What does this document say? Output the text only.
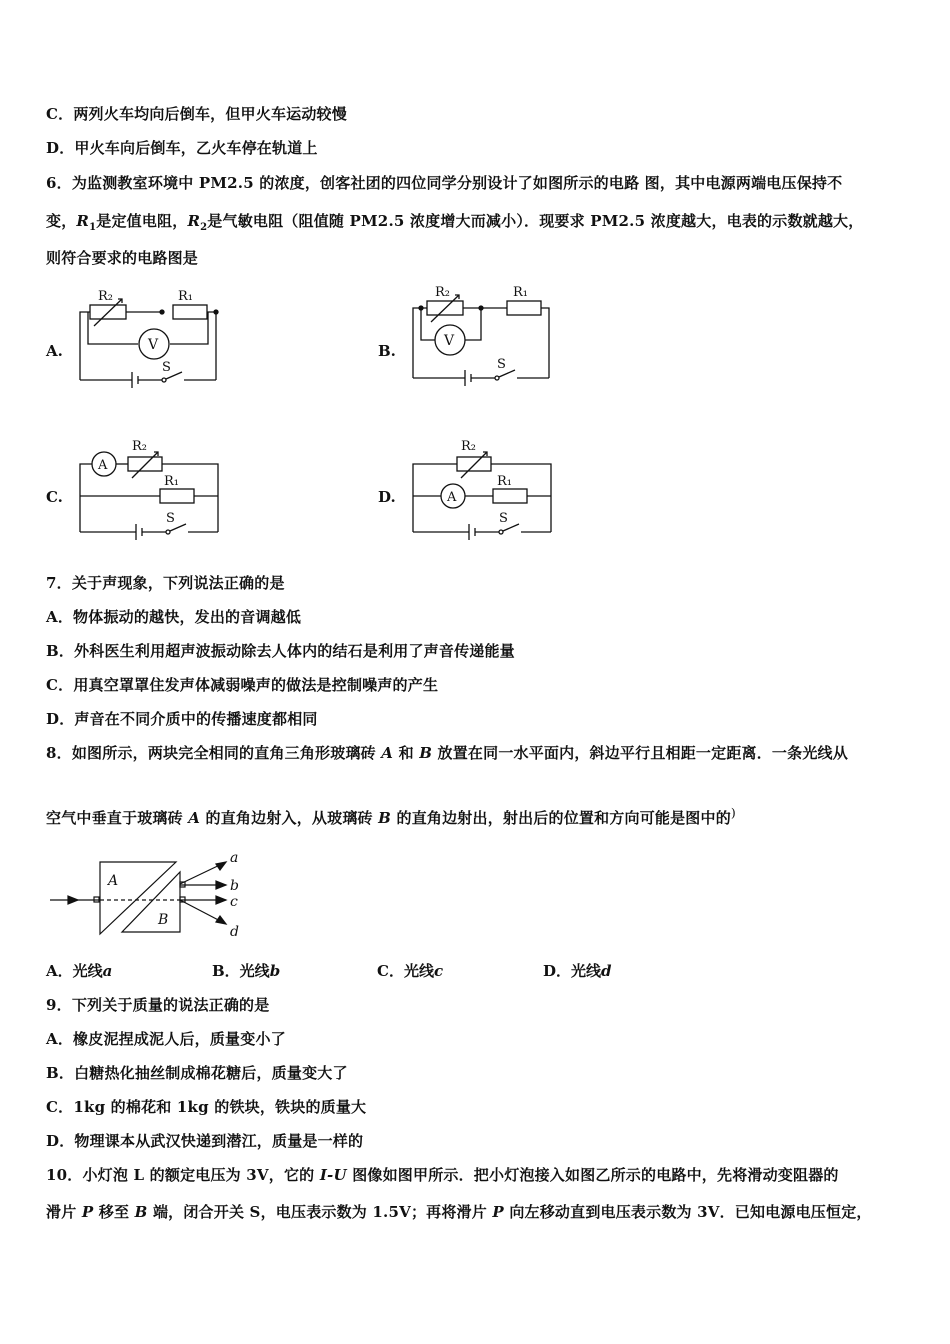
C．两列火车均向后倒车，但甲火车运动较慢
D．甲火车向后倒车，乙火车停在轨道上
6．为监测教室环境中 PM2.5 的浓度，创客社团的四位同学分别设计了如图所示的电路 图，其中电源两端电压保持不
变，$R_1$是定值电阻，$R_2$是气敏电阻（阻值随 PM2.5 浓度增大而减小）．现要求 PM2.5 浓度越大，电表的示数就越大，
则符合要求的电路图是
A.	B.
C.	D.
R₂	R₁
V
S
R₂	R₁
V
S
A
R₂
R₁
S
A
R₂
R₁
S
7．关于声现象，下列说法正确的是
A．物体振动的越快，发出的音调越低
B．外科医生利用超声波振动除去人体内的结石是利用了声音传递能量
C．用真空罩罩住发声体减弱噪声的做法是控制噪声的产生
D．声音在不同介质中的传播速度都相同
8．如图所示，两块完全相同的直角三角形玻璃砖 A 和 B 放置在同一水平面内，斜边平行且相距一定距离．一条光线从
空气中垂直于玻璃砖 A 的直角边射入，从玻璃砖 B 的直角边射出，射出后的位置和方向可能是图中的)
A
B
a
b
c
d
A．光线a	B．光线b	C．光线c	D．光线d
9．下列关于质量的说法正确的是
A．橡皮泥捏成泥人后，质量变小了
B．白糖热化抽丝制成棉花糖后，质量变大了
C．1kg 的棉花和 1kg 的铁块，铁块的质量大
D．物理课本从武汉快递到潜江，质量是一样的
10．小灯泡 L 的额定电压为 3V，它的 I-U 图像如图甲所示．把小灯泡接入如图乙所示的电路中，先将滑动变阻器的
滑片 P 移至 B 端，闭合开关 S，电压表示数为 1.5V；再将滑片 P 向左移动直到电压表示数为 3V．已知电源电压恒定，
